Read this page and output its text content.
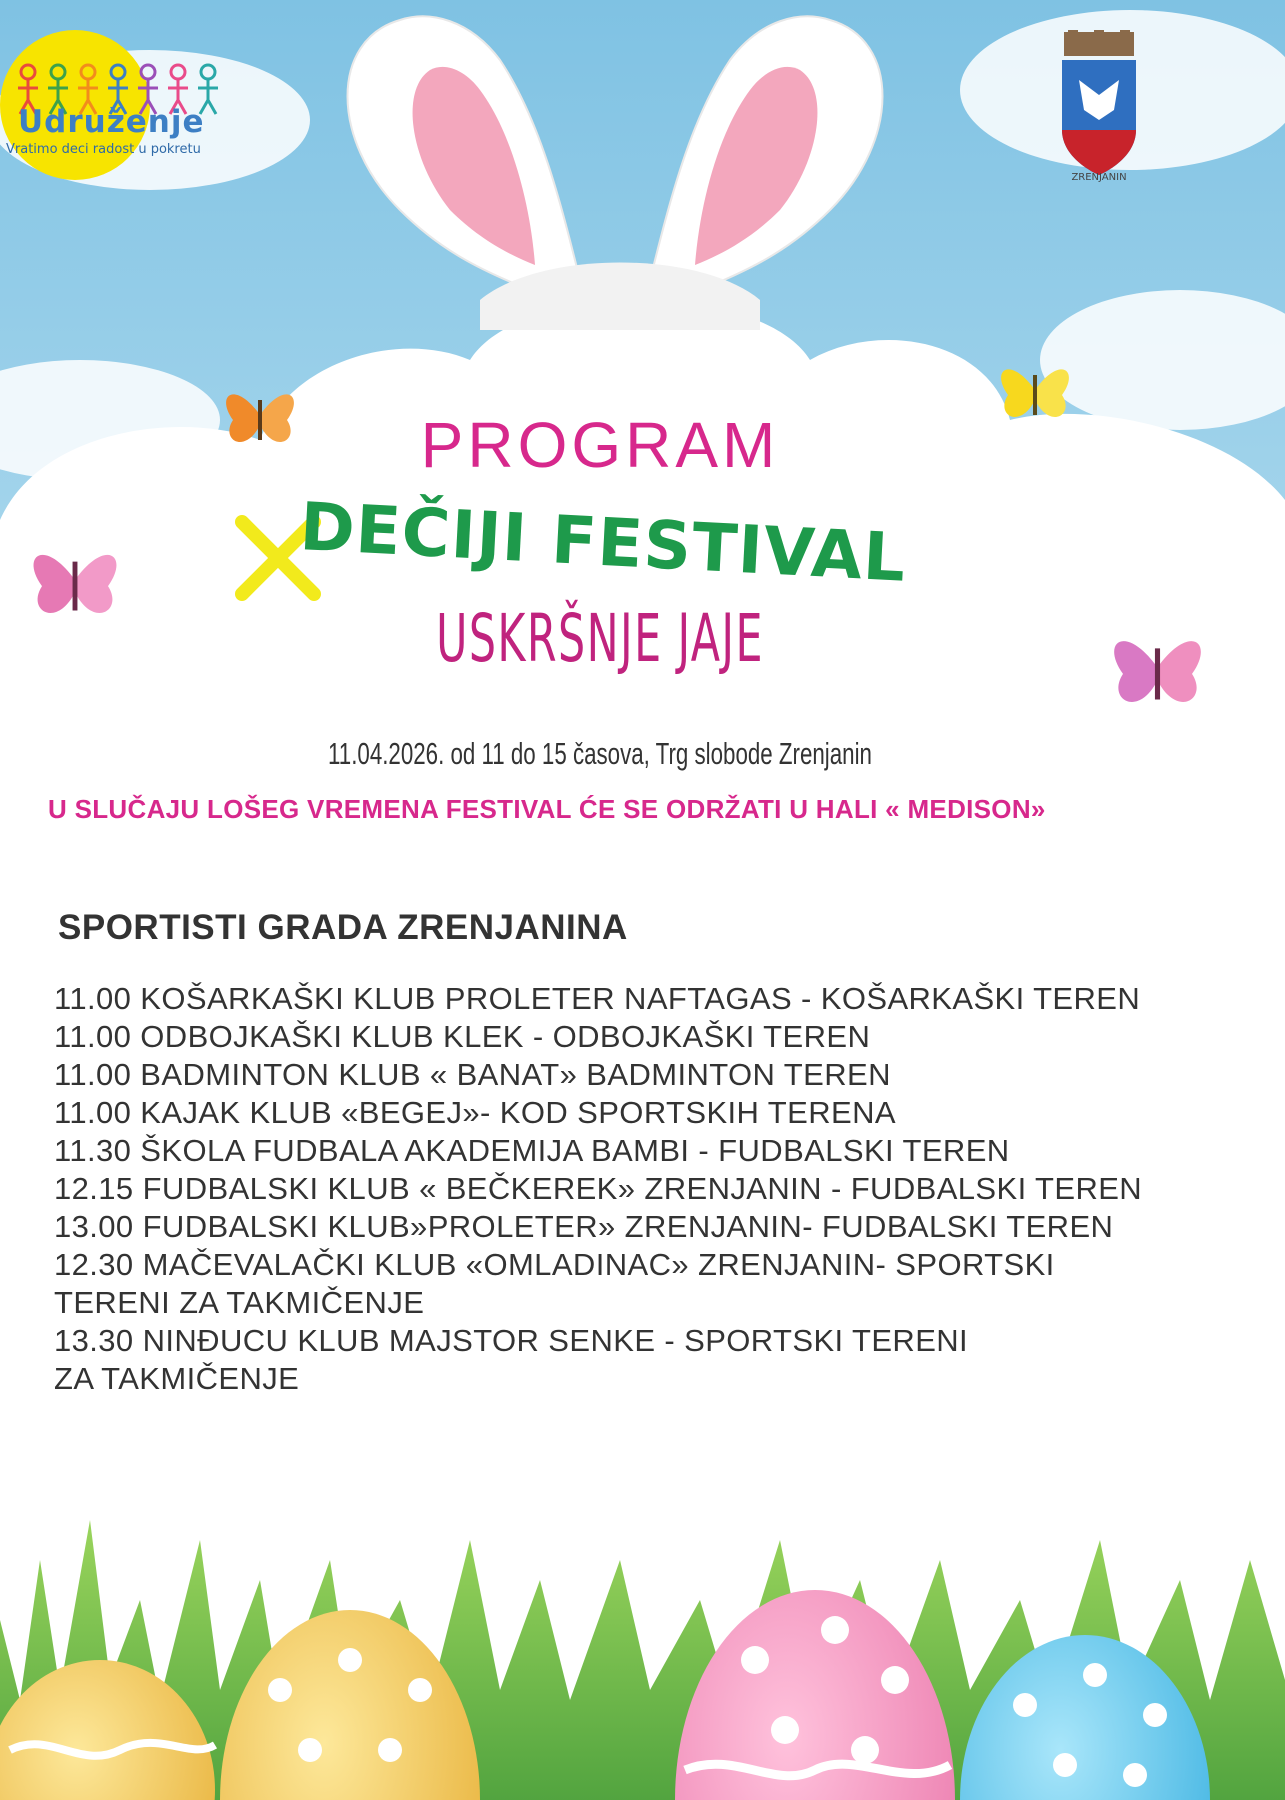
Udruženje
Vratimo deci radost u pokretu
ZRENJANIN
PROGRAM
DEČIJI FESTIVAL
USKRŠNJE JAJE
11.04.2026. od 11 do 15 časova, Trg slobode Zrenjanin
U SLUČAJU LOŠEG VREMENA FESTIVAL ĆE SE ODRŽATI U HALI « MEDISON»
SPORTISTI GRADA ZRENJANINA
11.00 KOŠARKAŠKI KLUB PROLETER NAFTAGAS - KOŠARKAŠKI TEREN
11.00 ODBOJKAŠKI KLUB KLEK - ODBOJKAŠKI TEREN
11.00 BADMINTON KLUB « BANAT» BADMINTON TEREN
11.00 KAJAK KLUB «BEGEJ»- KOD SPORTSKIH TERENA
11.30 ŠKOLA FUDBALA AKADEMIJA BAMBI - FUDBALSKI TEREN
12.15 FUDBALSKI KLUB « BEČKEREK» ZRENJANIN - FUDBALSKI TEREN
13.00 FUDBALSKI KLUB»PROLETER» ZRENJANIN- FUDBALSKI TEREN
12.30 MAČEVALAČKI KLUB «OMLADINAC» ZRENJANIN- SPORTSKI
TERENI ZA TAKMIČENJE
13.30 NINĐUCU KLUB MAJSTOR SENKE - SPORTSKI TERENI
ZA TAKMIČENJE
